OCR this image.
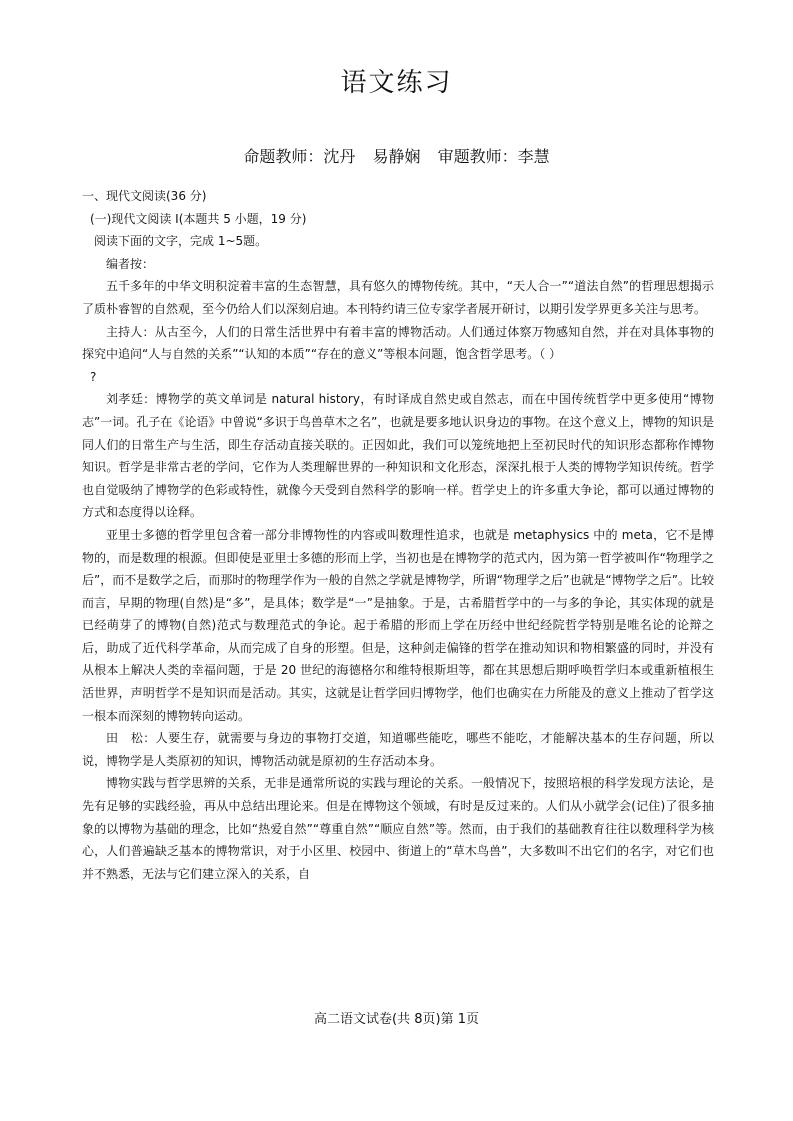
语文练习
命题教师：沈丹 易静娴 审题教师：李慧

一、现代文阅读(36 分)

(一)现代文阅读 Ⅰ(本题共 5 小题，19 分)

阅读下面的文字，完成 1~5题。

编者按：

五千多年的中华文明积淀着丰富的生态智慧，具有悠久的博物传统。其中，“天人合一”“道法自然”的哲理思想揭示了质朴睿智的自然观，至今仍给人们以深刻启迪。本刊特约请三位专家学者展开研讨，以期引发学界更多关注与思考。

主持人：从古至今，人们的日常生活世界中有着丰富的博物活动。人们通过体察万物感知自然，并在对具体事物的探究中追问“人与自然的关系”“认知的本质”“存在的意义”等根本问题，饱含哲学思考。（ ）

?

刘孝廷：博物学的英文单词是 natural history，有时译成自然史或自然志，而在中国传统哲学中更多使用“博物志”一词。孔子在《论语》中曾说“多识于鸟兽草木之名”，也就是要多地认识身边的事物。在这个意义上，博物的知识是同人们的日常生产与生活，即生存活动直接关联的。正因如此，我们可以笼统地把上至初民时代的知识形态都称作博物知识。哲学是非常古老的学问，它作为人类理解世界的一种知识和文化形态，深深扎根于人类的博物学知识传统。哲学也自觉吸纳了博物学的色彩或特性，就像今天受到自然科学的影响一样。哲学史上的许多重大争论，都可以通过博物的方式和态度得以诠释。

亚里士多德的哲学里包含着一部分非博物性的内容或叫数理性追求，也就是 metaphysics 中的 meta，它不是博物的，而是数理的根源。但即使是亚里士多德的形而上学，当初也是在博物学的范式内，因为第一哲学被叫作“物理学之后”，而不是数学之后，而那时的物理学作为一般的自然之学就是博物学，所谓“物理学之后”也就是“博物学之后”。比较而言，早期的物理(自然)是“多”，是具体；数学是“一”是抽象。于是，古希腊哲学中的一与多的争论，其实体现的就是已经萌芽了的博物(自然)范式与数理范式的争论。起于希腊的形而上学在历经中世纪经院哲学特别是唯名论的论辩之后，助成了近代科学革命，从而完成了自身的形塑。但是，这种剑走偏锋的哲学在推动知识和物相繁盛的同时，并没有从根本上解决人类的幸福问题，于是 20 世纪的海德格尔和维特根斯坦等，都在其思想后期呼唤哲学归本或重新植根生活世界，声明哲学不是知识而是活动。其实，这就是让哲学回归博物学，他们也确实在力所能及的意义上推动了哲学这一根本而深刻的博物转向运动。

田　松：人要生存，就需要与身边的事物打交道，知道哪些能吃，哪些不能吃，才能解决基本的生存问题，所以说，博物学是人类原初的知识，博物活动就是原初的生存活动本身。

博物实践与哲学思辨的关系，无非是通常所说的实践与理论的关系。一般情况下，按照培根的科学发现方法论，是先有足够的实践经验，再从中总结出理论来。但是在博物这个领域，有时是反过来的。人们从小就学会(记住)了很多抽象的以博物为基础的理念，比如“热爱自然”“尊重自然”“顺应自然”等。然而，由于我们的基础教育往往以数理科学为核心，人们普遍缺乏基本的博物常识，对于小区里、校园中、街道上的“草木鸟兽”，大多数叫不出它们的名字，对它们也并不熟悉，无法与它们建立深入的关系，自

高二语文试卷(共 8页)第 1页
